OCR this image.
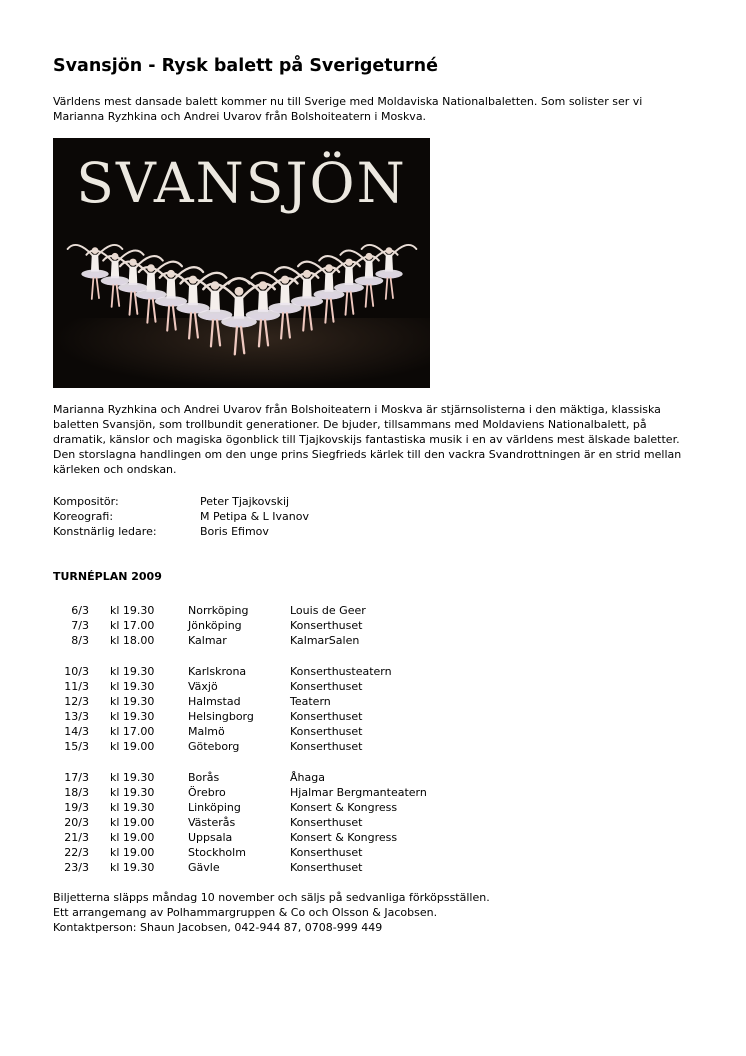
Svansjön - Rysk balett på Sverigeturné
Världens mest dansade balett kommer nu till Sverige med Moldaviska Nationalbaletten. Som solister ser vi Marianna Ryzhkina och Andrei Uvarov från Bolshoiteatern i Moskva.
SVANSJÖN
Marianna Ryzhkina och Andrei Uvarov från Bolshoiteatern i Moskva är stjärnsolisterna i den mäktiga, klassiska baletten Svansjön, som trollbundit generationer. De bjuder, tillsammans med Moldaviens Nationalbalett, på dramatik, känslor och magiska ögonblick till Tjajkovskijs fantastiska musik i en av världens mest älskade baletter. Den storslagna handlingen om den unge prins Siegfrieds kärlek till den vackra Svandrottningen är en strid mellan kärleken och ondskan.
Kompositör:	Peter Tjajkovskij
Koreografi:	M Petipa & L Ivanov
Konstnärlig ledare:	Boris Efimov
TURNÉPLAN 2009
6/3 kl 19.30	Norrköping	Louis de Geer
7/3 kl 17.00	Jönköping	Konserthuset
8/3 kl 18.00	Kalmar	KalmarSalen
10/3 kl 19.30	Karlskrona	Konserthusteatern
11/3 kl 19.30	Växjö	Konserthuset
12/3 kl 19.30	Halmstad	Teatern
13/3 kl 19.30	Helsingborg	Konserthuset
14/3 kl 17.00	Malmö	Konserthuset
15/3 kl 19.00	Göteborg	Konserthuset
17/3 kl 19.30	Borås	Åhaga
18/3 kl 19.30	Örebro	Hjalmar Bergmanteatern
19/3 kl 19.30	Linköping	Konsert & Kongress
20/3 kl 19.00	Västerås	Konserthuset
21/3 kl 19.00	Uppsala	Konsert & Kongress
22/3 kl 19.00	Stockholm	Konserthuset
23/3 kl 19.30	Gävle	Konserthuset
Biljetterna släpps måndag 10 november och säljs på sedvanliga förköpsställen.
Ett arrangemang av Polhammargruppen & Co och Olsson & Jacobsen.
Kontaktperson: Shaun Jacobsen, 042-944 87, 0708-999 449
